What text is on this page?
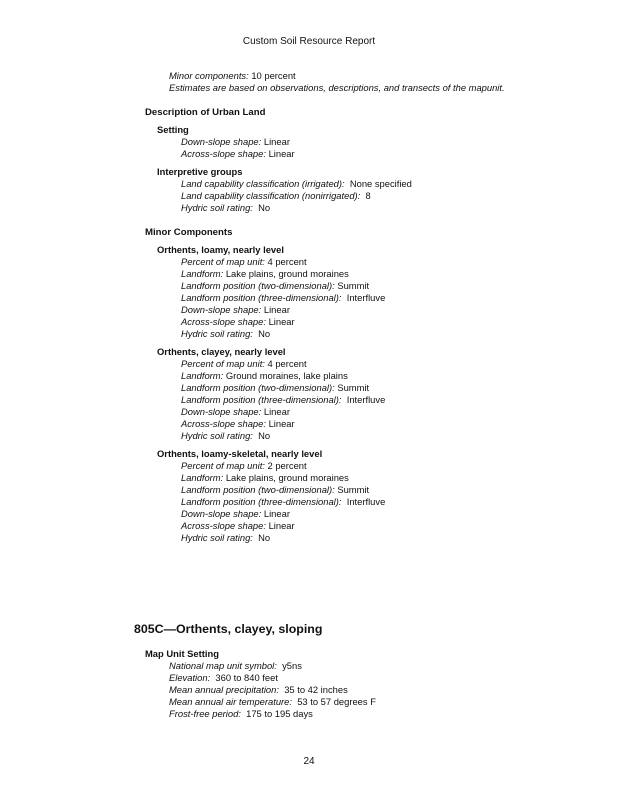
Custom Soil Resource Report
Minor components: 10 percent
Estimates are based on observations, descriptions, and transects of the mapunit.
Description of Urban Land
Setting
Down-slope shape: Linear
Across-slope shape: Linear
Interpretive groups
Land capability classification (irrigated): None specified
Land capability classification (nonirrigated): 8
Hydric soil rating: No
Minor Components
Orthents, loamy, nearly level
Percent of map unit: 4 percent
Landform: Lake plains, ground moraines
Landform position (two-dimensional): Summit
Landform position (three-dimensional): Interfluve
Down-slope shape: Linear
Across-slope shape: Linear
Hydric soil rating: No
Orthents, clayey, nearly level
Percent of map unit: 4 percent
Landform: Ground moraines, lake plains
Landform position (two-dimensional): Summit
Landform position (three-dimensional): Interfluve
Down-slope shape: Linear
Across-slope shape: Linear
Hydric soil rating: No
Orthents, loamy-skeletal, nearly level
Percent of map unit: 2 percent
Landform: Lake plains, ground moraines
Landform position (two-dimensional): Summit
Landform position (three-dimensional): Interfluve
Down-slope shape: Linear
Across-slope shape: Linear
Hydric soil rating: No
805C—Orthents, clayey, sloping
Map Unit Setting
National map unit symbol: y5ns
Elevation: 360 to 840 feet
Mean annual precipitation: 35 to 42 inches
Mean annual air temperature: 53 to 57 degrees F
Frost-free period: 175 to 195 days
24
